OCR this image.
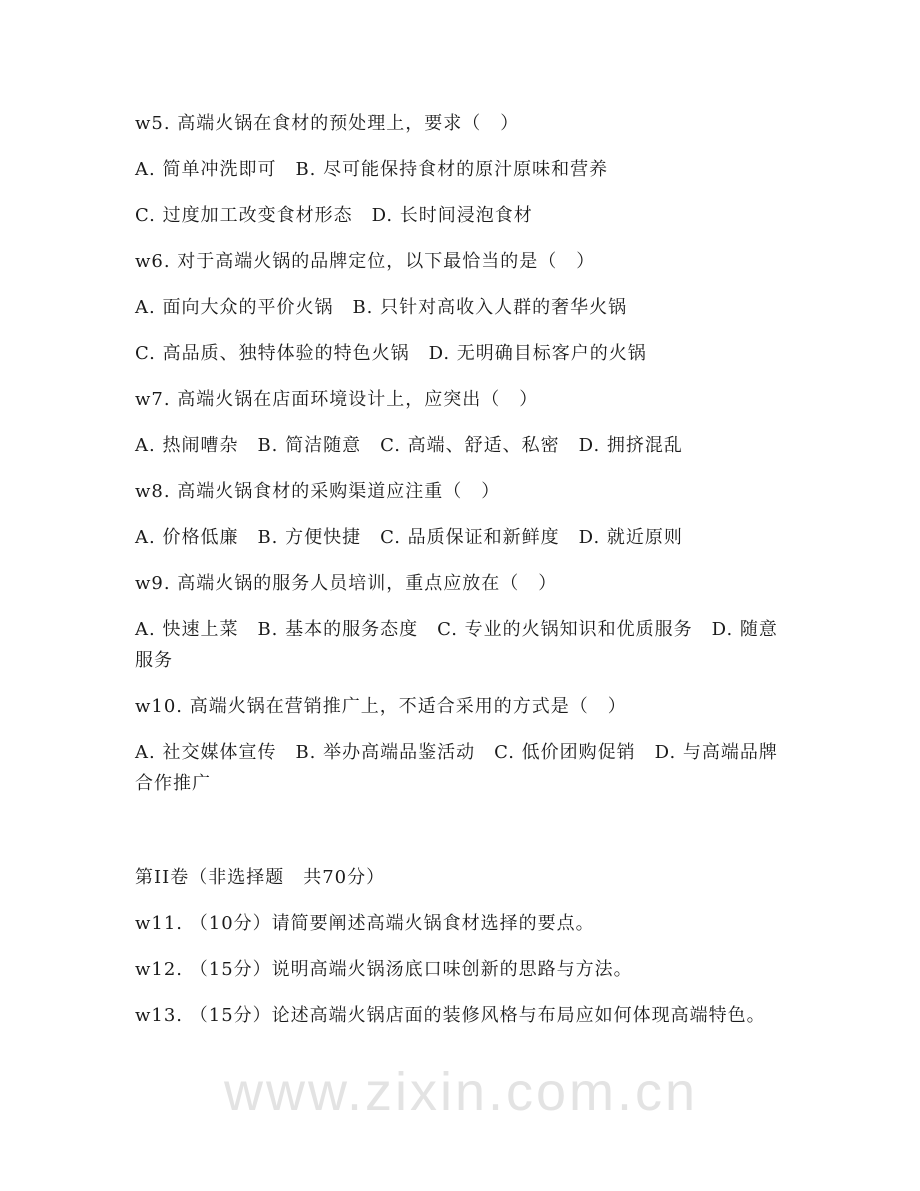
w5. 高端火锅在食材的预处理上，要求（　）
A. 简单冲洗即可　B. 尽可能保持食材的原汁原味和营养
C. 过度加工改变食材形态　D. 长时间浸泡食材
w6. 对于高端火锅的品牌定位，以下最恰当的是（　）
A. 面向大众的平价火锅　B. 只针对高收入人群的奢华火锅
C. 高品质、独特体验的特色火锅　D. 无明确目标客户的火锅
w7. 高端火锅在店面环境设计上，应突出（　）
A. 热闹嘈杂　B. 简洁随意　C. 高端、舒适、私密　D. 拥挤混乱
w8. 高端火锅食材的采购渠道应注重（　）
A. 价格低廉　B. 方便快捷　C. 品质保证和新鲜度　D. 就近原则
w9. 高端火锅的服务人员培训，重点应放在（　）
A. 快速上菜　B. 基本的服务态度　C. 专业的火锅知识和优质服务　D. 随意服务
w10. 高端火锅在营销推广上，不适合采用的方式是（　）
A. 社交媒体宣传　B. 举办高端品鉴活动　C. 低价团购促销　D. 与高端品牌合作推广
第II卷（非选择题　共70分）
w11. （10分）请简要阐述高端火锅食材选择的要点。
w12. （15分）说明高端火锅汤底口味创新的思路与方法。
w13. （15分）论述高端火锅店面的装修风格与布局应如何体现高端特色。
www.zixin.com.cn
